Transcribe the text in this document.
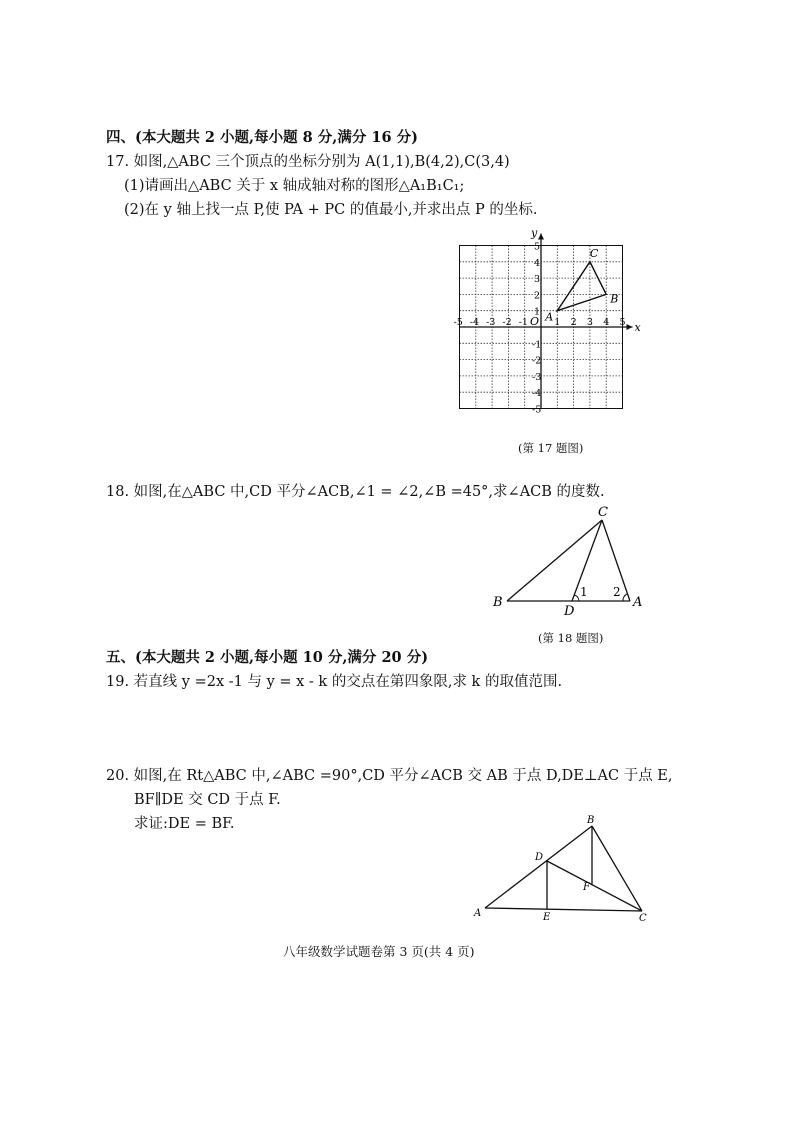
四、(本大题共 2 小题,每小题 8 分,满分 16 分)
17. 如图,△ABC 三个顶点的坐标分别为 A(1,1),B(4,2),C(3,4)
(1)请画出△ABC 关于 x 轴成轴对称的图形△A₁B₁C₁;
(2)在 y 轴上找一点 P,使 PA + PC 的值最小,并求出点 P 的坐标.
x
y
O
-5 -4 -3 -2 -1	1 2 3 4 5
5
4
3
2
1
-1
-2
-3
-4
-5
A
B
C
(第 17 题图)
18. 如图,在△ABC 中,CD 平分∠ACB,∠1 = ∠2,∠B =45°,求∠ACB 的度数.
C
B
D
A
1 2
(第 18 题图)
五、(本大题共 2 小题,每小题 10 分,满分 20 分)
19. 若直线 y =2x -1 与 y = x - k 的交点在第四象限,求 k 的取值范围.
20. 如图,在 Rt△ABC 中,∠ABC =90°,CD 平分∠ACB 交 AB 于点 D,DE⊥AC 于点 E,
BF∥DE 交 CD 于点 F.
求证:DE = BF.	B
D
F
A	E	C
八年级数学试题卷第 3 页(共 4 页)
